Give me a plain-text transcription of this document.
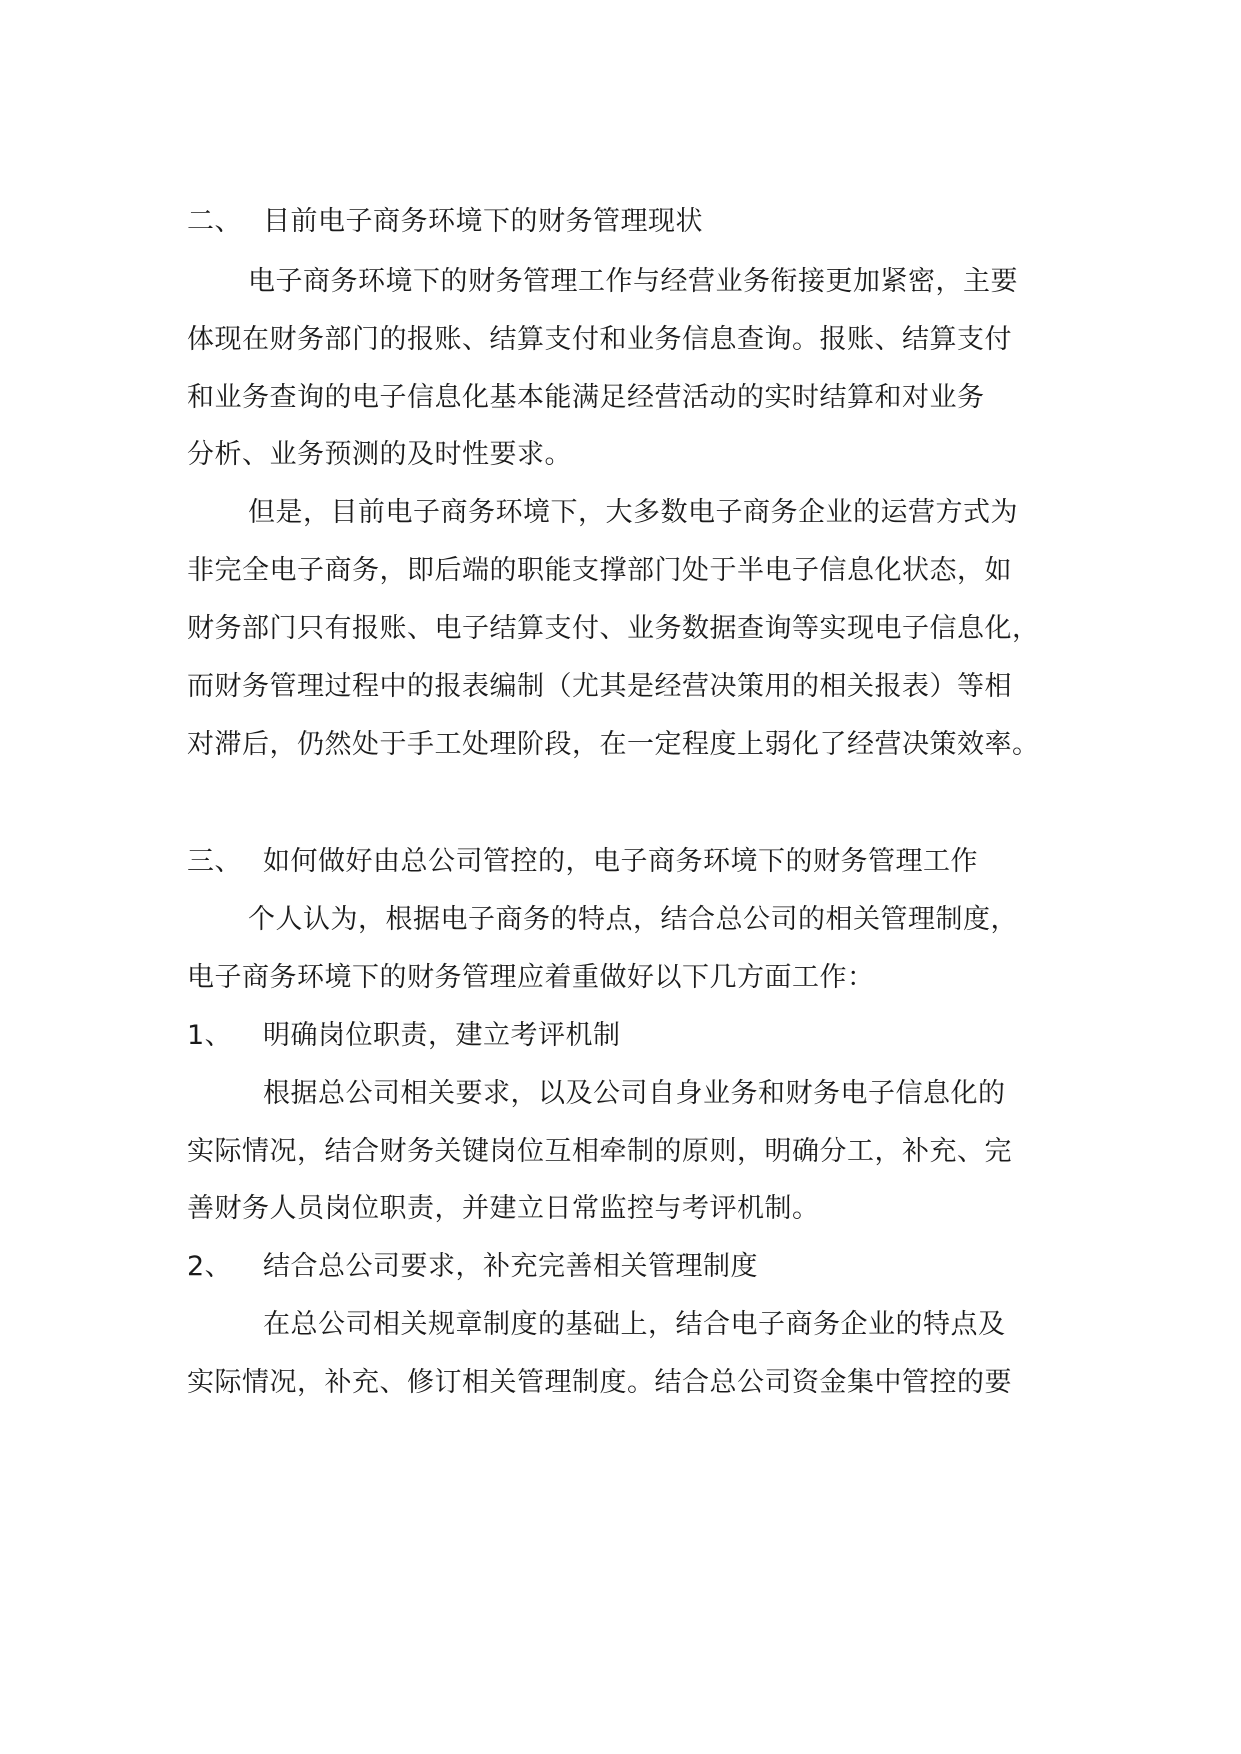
二、 目前电子商务环境下的财务管理现状
电子商务环境下的财务管理工作与经营业务衔接更加紧密，主要
体现在财务部门的报账、结算支付和业务信息查询。报账、结算支付
和业务查询的电子信息化基本能满足经营活动的实时结算和对业务
分析、业务预测的及时性要求。
但是，目前电子商务环境下，大多数电子商务企业的运营方式为
非完全电子商务，即后端的职能支撑部门处于半电子信息化状态，如
财务部门只有报账、电子结算支付、业务数据查询等实现电子信息化，
而财务管理过程中的报表编制（尤其是经营决策用的相关报表）等相
对滞后，仍然处于手工处理阶段，在一定程度上弱化了经营决策效率。
三、 如何做好由总公司管控的，电子商务环境下的财务管理工作
个人认为，根据电子商务的特点，结合总公司的相关管理制度，
电子商务环境下的财务管理应着重做好以下几方面工作：
1、 明确岗位职责，建立考评机制
根据总公司相关要求，以及公司自身业务和财务电子信息化的
实际情况，结合财务关键岗位互相牵制的原则，明确分工，补充、完
善财务人员岗位职责，并建立日常监控与考评机制。
2、 结合总公司要求，补充完善相关管理制度
在总公司相关规章制度的基础上，结合电子商务企业的特点及
实际情况，补充、修订相关管理制度。结合总公司资金集中管控的要
